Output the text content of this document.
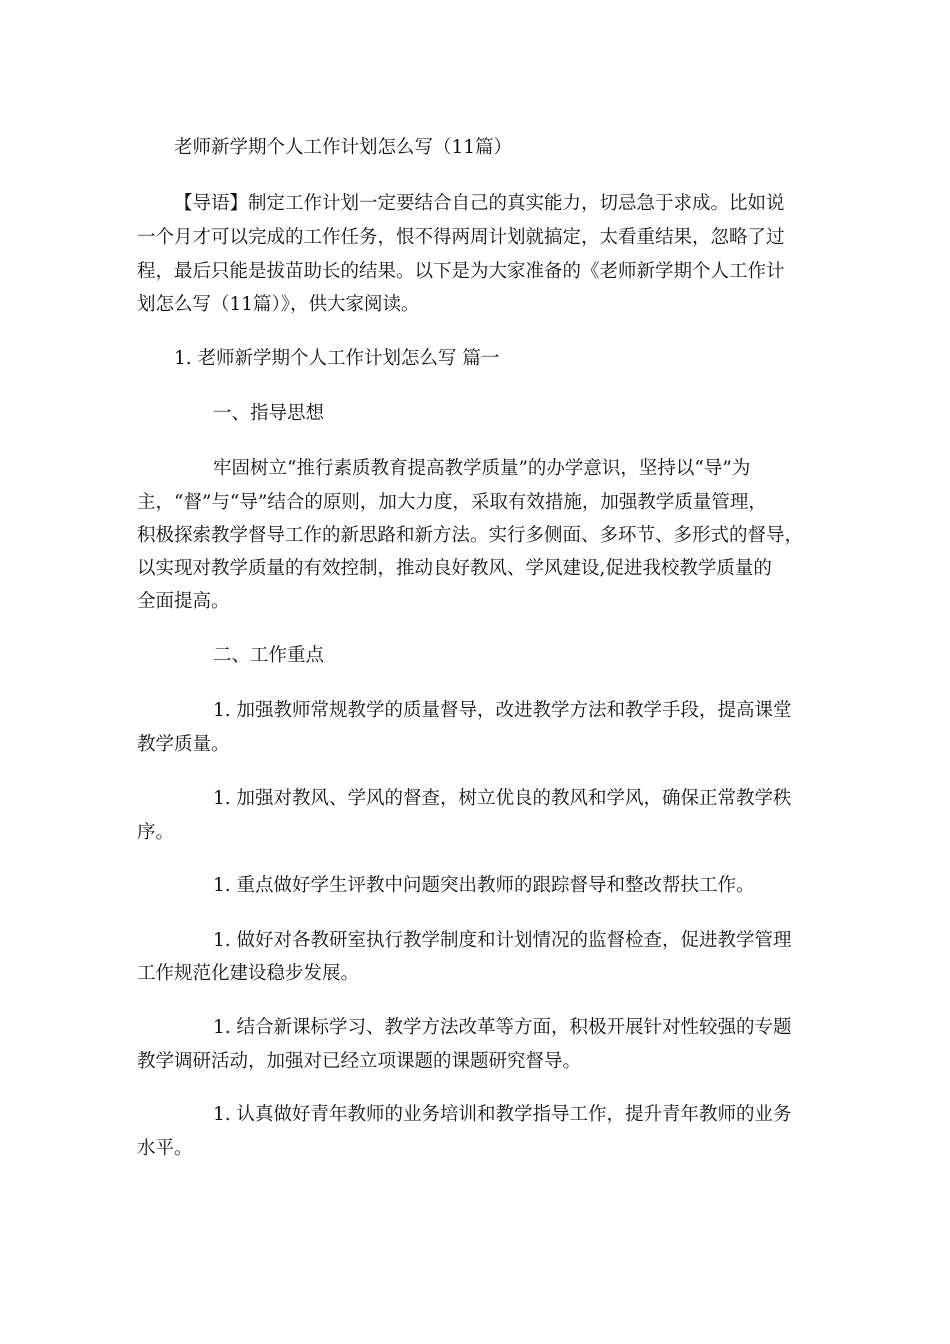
老师新学期个人工作计划怎么写（11篇）

【导语】制定工作计划一定要结合自己的真实能力，切忌急于求成。比如说

一个月才可以完成的工作任务，恨不得两周计划就搞定，太看重结果，忽略了过

程，最后只能是拔苗助长的结果。以下是为大家准备的《老师新学期个人工作计

划怎么写（11篇）》，供大家阅读。

1. 老师新学期个人工作计划怎么写 篇一

一、指导思想

牢固树立“推行素质教育提高教学质量”的办学意识，坚持以“导”为

主，“督”与“导”结合的原则，加大力度，采取有效措施，加强教学质量管理，

积极探索教学督导工作的新思路和新方法。实行多侧面、多环节、多形式的督导，

以实现对教学质量的有效控制，推动良好教风、学风建设,促进我校教学质量的

全面提高。

二、工作重点

1. 加强教师常规教学的质量督导，改进教学方法和教学手段，提高课堂

教学质量。

1. 加强对教风、学风的督查，树立优良的教风和学风，确保正常教学秩

序。

1. 重点做好学生评教中问题突出教师的跟踪督导和整改帮扶工作。

1. 做好对各教研室执行教学制度和计划情况的监督检查，促进教学管理

工作规范化建设稳步发展。

1. 结合新课标学习、教学方法改革等方面，积极开展针对性较强的专题

教学调研活动，加强对已经立项课题的课题研究督导。

1. 认真做好青年教师的业务培训和教学指导工作，提升青年教师的业务

水平。
